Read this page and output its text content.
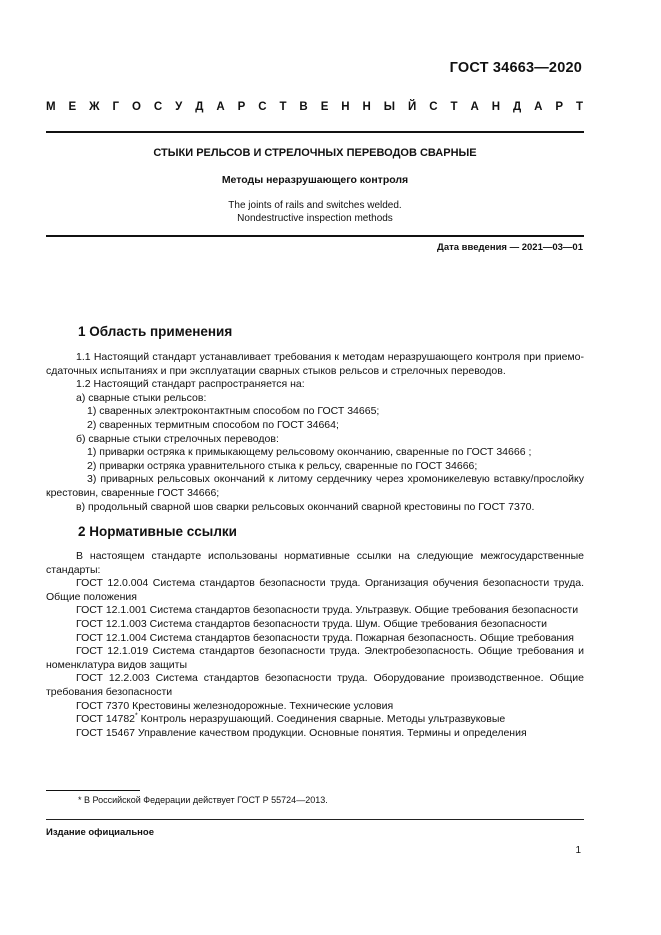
ГОСТ 34663—2020
М Е Ж Г О С У Д А Р С Т В Е Н Н Ы Й С Т А Н Д А Р Т
СТЫКИ РЕЛЬСОВ И СТРЕЛОЧНЫХ ПЕРЕВОДОВ СВАРНЫЕ
Методы неразрушающего контроля
The joints of rails and switches welded.
Nondestructive inspection methods
Дата введения — 2021—03—01
1 Область применения

1.1 Настоящий стандарт устанавливает требования к методам неразрушающего контроля при приемо-сдаточных испытаниях и при эксплуатации сварных стыков рельсов и стрелочных переводов.

1.2 Настоящий стандарт распространяется на:

а) сварные стыки рельсов:

1) сваренных электроконтактным способом по ГОСТ 34665;

2) сваренных термитным способом по ГОСТ 34664;

б) сварные стыки стрелочных переводов:

1) приварки остряка к примыкающему рельсовому окончанию, сваренные по ГОСТ 34666 ;

2) приварки остряка уравнительного стыка к рельсу, сваренные по ГОСТ 34666;

3) приварных рельсовых окончаний к литому сердечнику через хромоникелевую вставку/прослойку крестовин, сваренные ГОСТ 34666;

в) продольный сварной шов сварки рельсовых окончаний сварной крестовины по ГОСТ 7370.

2 Нормативные ссылки

В настоящем стандарте использованы нормативные ссылки на следующие межгосударственные стандарты:

ГОСТ 12.0.004 Система стандартов безопасности труда. Организация обучения безопасности труда. Общие положения

ГОСТ 12.1.001 Система стандартов безопасности труда. Ультразвук. Общие требования безопасности

ГОСТ 12.1.003 Система стандартов безопасности труда. Шум. Общие требования безопасности

ГОСТ 12.1.004 Система стандартов безопасности труда. Пожарная безопасность. Общие требования

ГОСТ 12.1.019 Система стандартов безопасности труда. Электробезопасность. Общие требования и номенклатура видов защиты

ГОСТ 12.2.003 Система стандартов безопасности труда. Оборудование производственное. Общие требования безопасности

ГОСТ 7370 Крестовины железнодорожные. Технические условия

ГОСТ 14782* Контроль неразрушающий. Соединения сварные. Методы ультразвуковые

ГОСТ 15467 Управление качеством продукции. Основные понятия. Термины и определения

* В Российской Федерации действует ГОСТ Р 55724—2013.
Издание официальное
1
